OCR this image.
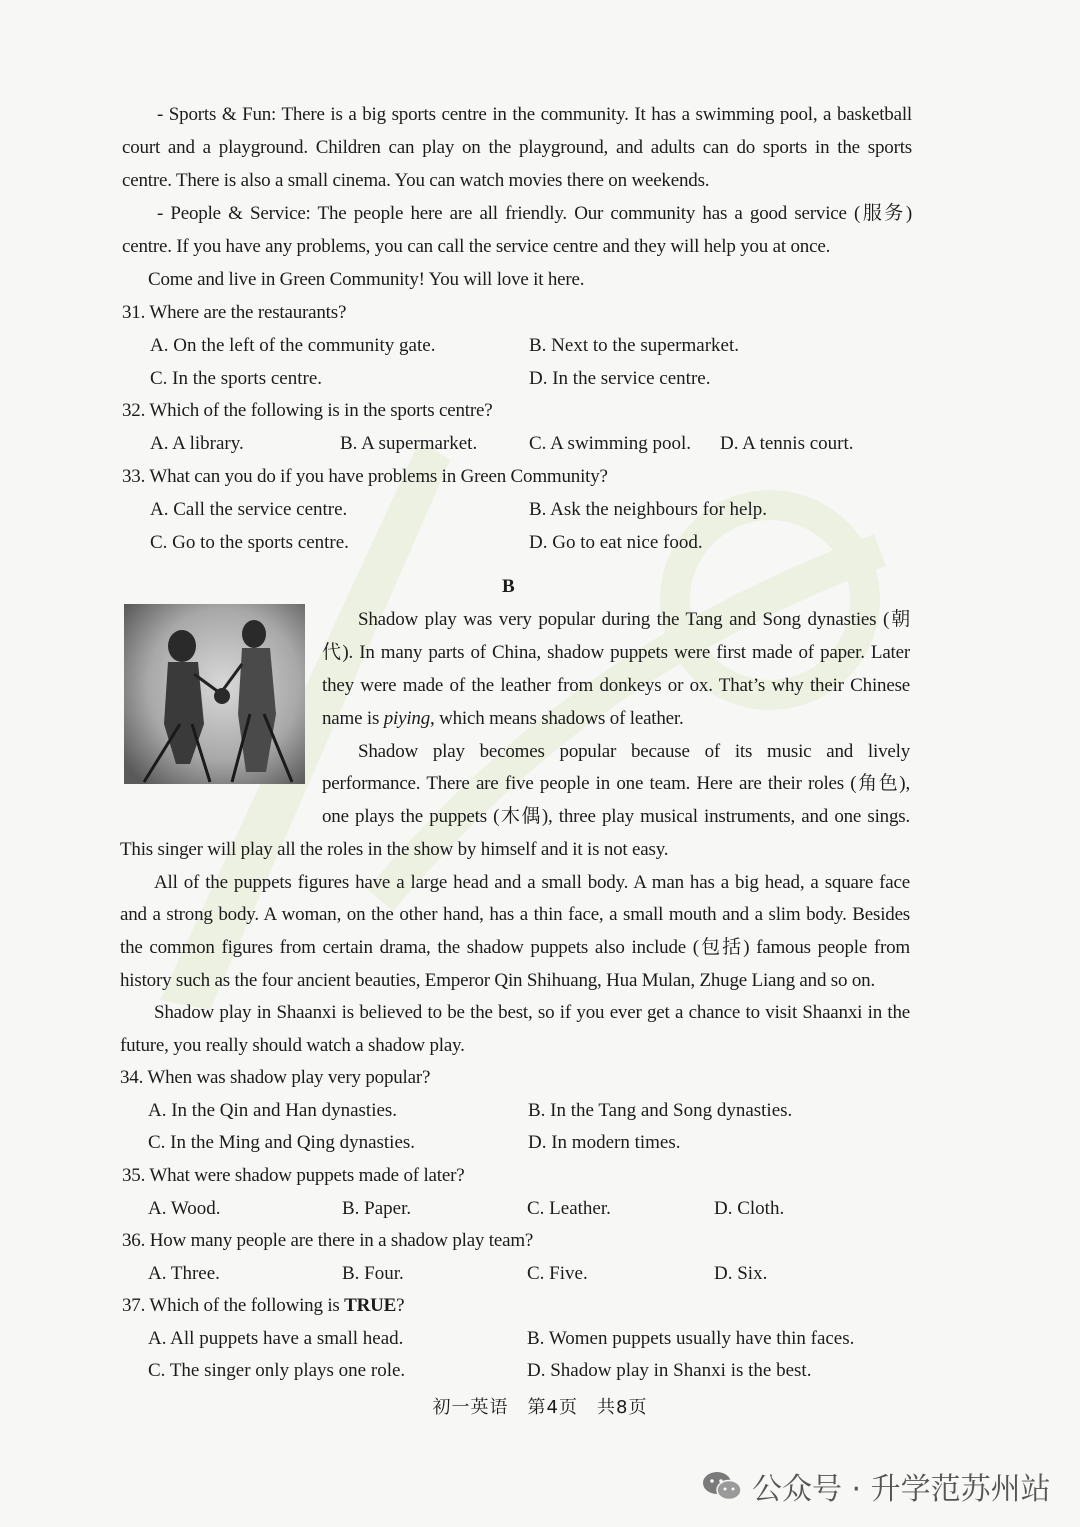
- Sports & Fun: There is a big sports centre in the community. It has a swimming pool, a basketball
court and a playground. Children can play on the playground, and adults can do sports in the sports
centre. There is also a small cinema. You can watch movies there on weekends.
- People & Service: The people here are all friendly. Our community has a good service (服务)
centre. If you have any problems, you can call the service centre and they will help you at once.
Come and live in Green Community! You will love it here.
31. Where are the restaurants?
A. On the left of the community gate.	B. Next to the supermarket.
C. In the sports centre.	D. In the service centre.
32. Which of the following is in the sports centre?
A. A library.	B. A supermarket.	C. A swimming pool. D. A tennis court.
33. What can you do if you have problems in Green Community?
A. Call the service centre.	B. Ask the neighbours for help.
C. Go to the sports centre.	D. Go to eat nice food.
B
Shadow play was very popular during the Tang and Song dynasties (朝
代). In many parts of China, shadow puppets were first made of paper. Later
they were made of the leather from donkeys or ox. That’s why their Chinese
name is piying, which means shadows of leather.
Shadow play becomes popular because of its music and lively
performance. There are five people in one team. Here are their roles (角色),
one plays the puppets (木偶), three play musical instruments, and one sings.
This singer will play all the roles in the show by himself and it is not easy.
All of the puppets figures have a large head and a small body. A man has a big head, a square face
and a strong body. A woman, on the other hand, has a thin face, a small mouth and a slim body. Besides
the common figures from certain drama, the shadow puppets also include (包括) famous people from
history such as the four ancient beauties, Emperor Qin Shihuang, Hua Mulan, Zhuge Liang and so on.
Shadow play in Shaanxi is believed to be the best, so if you ever get a chance to visit Shaanxi in the
future, you really should watch a shadow play.
34. When was shadow play very popular?
A. In the Qin and Han dynasties.	B. In the Tang and Song dynasties.
C. In the Ming and Qing dynasties.	D. In modern times.
35. What were shadow puppets made of later?
A. Wood.	B. Paper.	C. Leather.	D. Cloth.
36. How many people are there in a shadow play team?
A. Three.	B. Four.	C. Five.	D. Six.
37. Which of the following is TRUE?
A. All puppets have a small head.	B. Women puppets usually have thin faces.
C. The singer only plays one role.	D. Shadow play in Shanxi is the best.
初一英语　第4页　共8页
公众号 · 升学范苏州站
